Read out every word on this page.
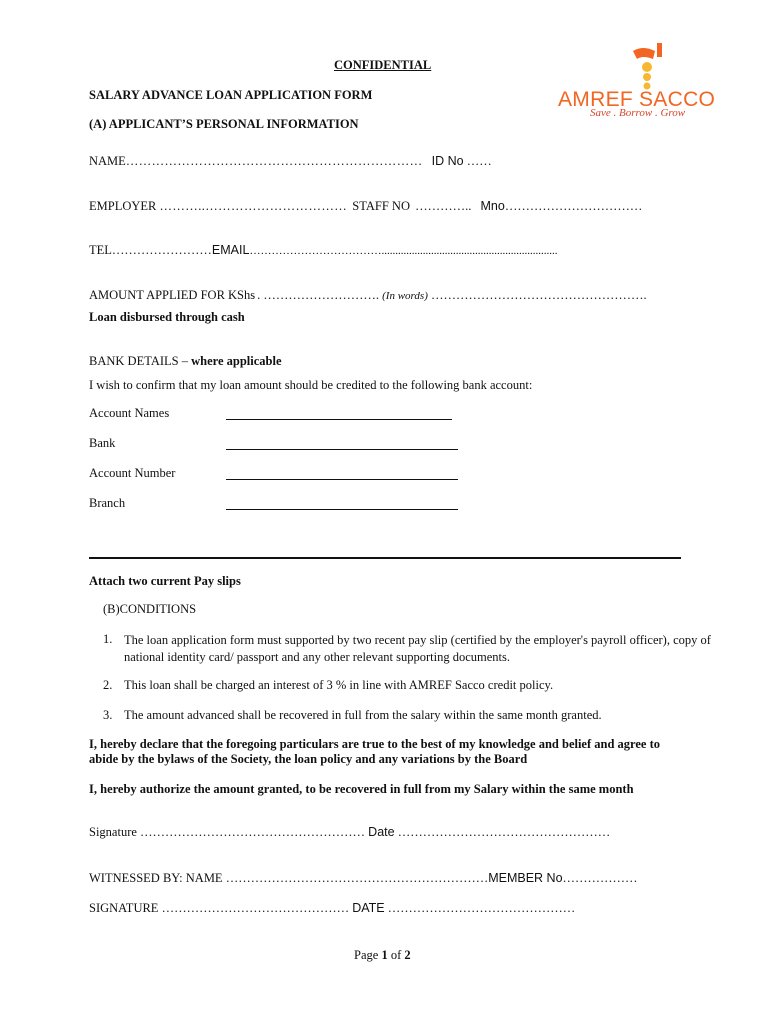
AMREF SACCO
Save . Borrow . Grow
CONFIDENTIAL
SALARY ADVANCE LOAN APPLICATION FORM
(A) APPLICANT’S PERSONAL INFORMATION
NAME…………………………………………………………… ID No ……
EMPLOYER ………..…………………………… STAFF NO ………….. Mno……………………………
TEL……………………EMAIL………………………………................................................................
AMOUNT APPLIED FOR KShs . ………………………. (In words) …………………………………………….
Loan disbursed through cash
BANK DETAILS – where applicable
I wish to confirm that my loan amount should be credited to the following bank account:
Account Names
Bank
Account Number
Branch
Attach two current Pay slips
(B)CONDITIONS
1. The loan application form must supported by two recent pay slip (certified by the employer's payroll officer), copy of national identity card/ passport and any other relevant supporting documents.
2. This loan shall be charged an interest of 3 % in line with AMREF Sacco credit policy.
3. The amount advanced shall be recovered in full from the salary within the same month granted.
I, hereby declare that the foregoing particulars are true to the best of my knowledge and belief and agree to abide by the bylaws of the Society, the loan policy and any variations by the Board
I, hereby authorize the amount granted, to be recovered in full from my Salary within the same month
Signature ……………………………………………… Date ……………………………………………
WITNESSED BY: NAME ………………………………………………………MEMBER No………………
SIGNATURE ……………………………………… DATE ………………………………………
Page 1 of 2
